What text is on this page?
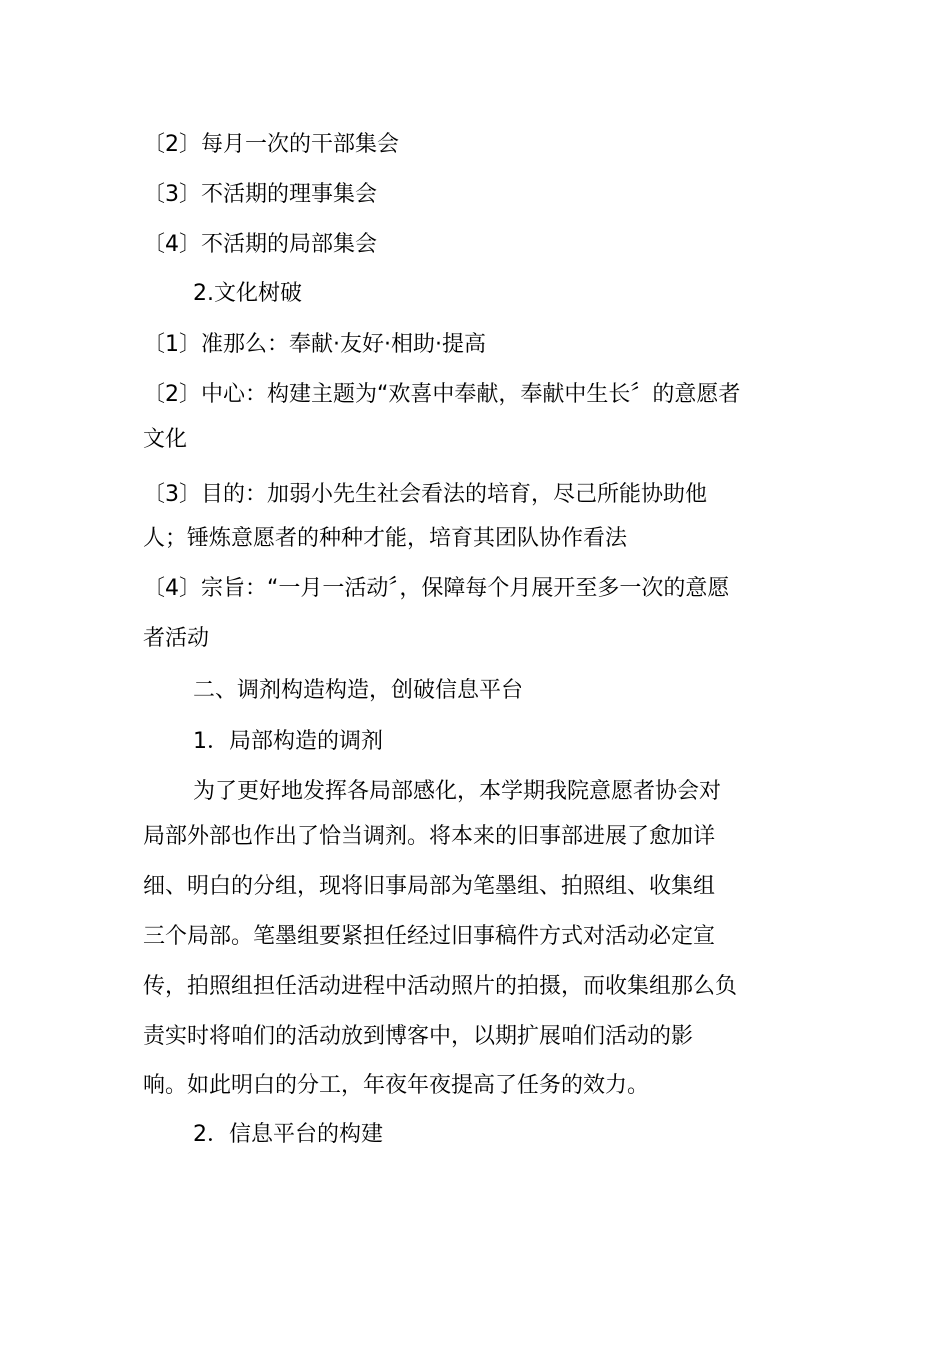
〔2〕每月一次的干部集会
〔3〕不活期的理事集会
〔4〕不活期的局部集会
2.文化树破
〔1〕准那么：奉献·友好·相助·提高
〔2〕中心：构建主题为“欢喜中奉献，奉献中生长〞的意愿者
文化
〔3〕目的：加弱小先生社会看法的培育，尽己所能协助他
人；锤炼意愿者的种种才能，培育其团队协作看法
〔4〕宗旨：“一月一活动〞，保障每个月展开至多一次的意愿
者活动
二、调剂构造构造，创破信息平台
1．局部构造的调剂
为了更好地发挥各局部感化，本学期我院意愿者协会对
局部外部也作出了恰当调剂。将本来的旧事部进展了愈加详
细、明白的分组，现将旧事局部为笔墨组、拍照组、收集组
三个局部。笔墨组要紧担任经过旧事稿件方式对活动必定宣
传，拍照组担任活动进程中活动照片的拍摄，而收集组那么负
责实时将咱们的活动放到博客中，以期扩展咱们活动的影
响。如此明白的分工，年夜年夜提高了任务的效力。
2．信息平台的构建
